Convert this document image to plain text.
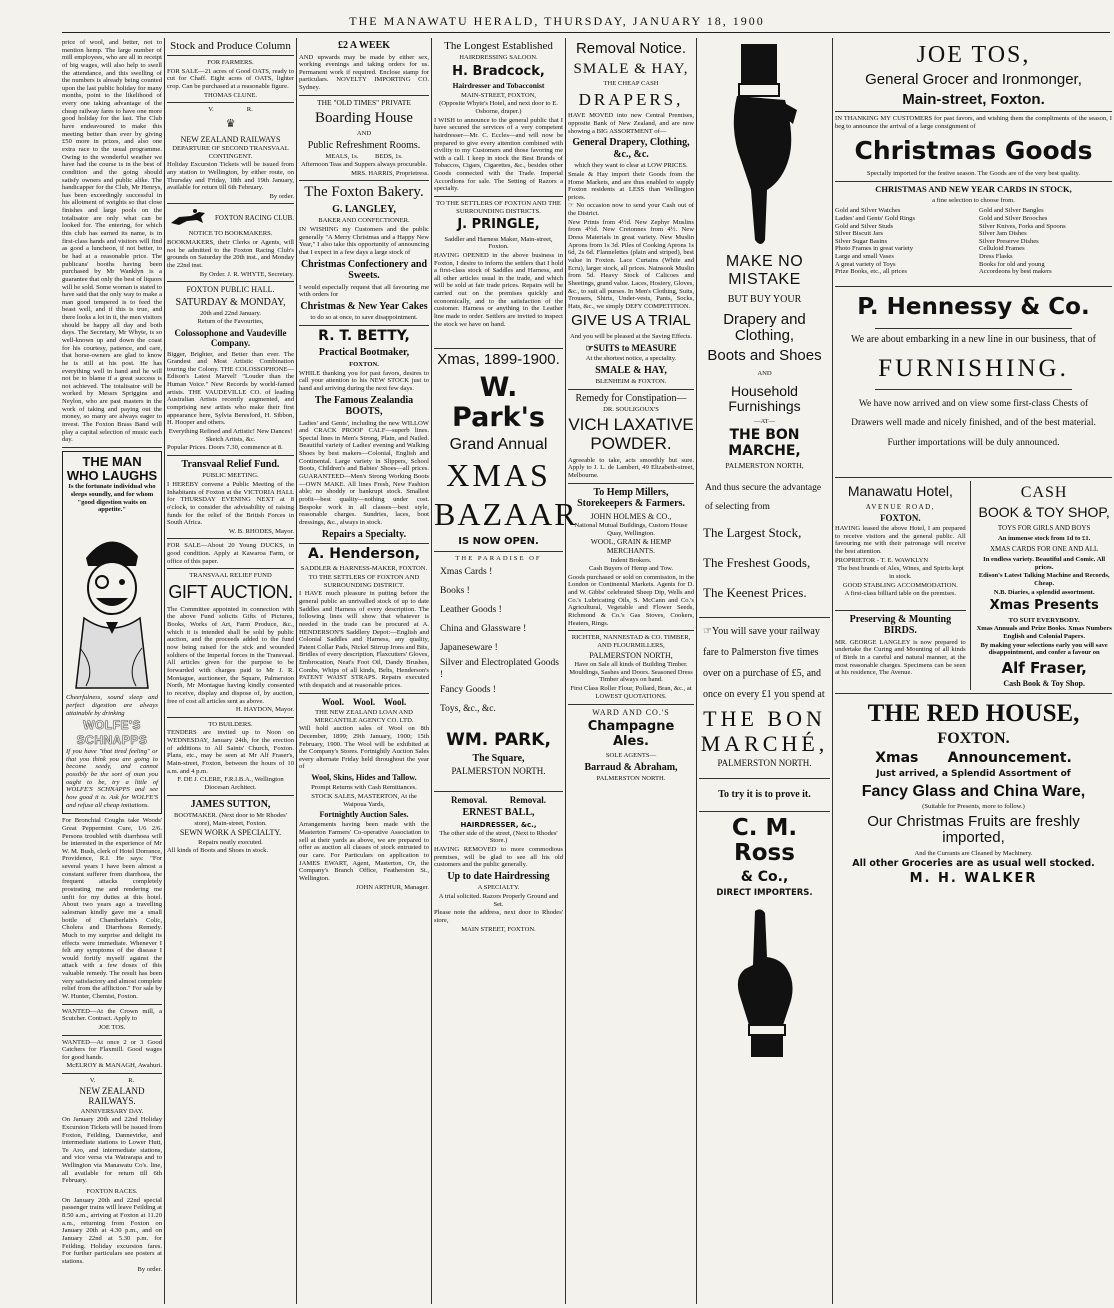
THE MANAWATU HERALD, THURSDAY, JANUARY 18, 1900

price of wool, and better, not to mention hemp. The large number of mill employees, who are all in receipt of big wages, will also help to swell the attendance, and this swelling of the numbers is already being counted upon the last public holiday for many months, point to the likelihood of every one taking advantage of the cheap railway fares to have one more good holiday for the last. The Club have endeavoured to make this meeting better than ever by giving £50 more in prizes, and also one extra race to the usual programme. Owing to the wonderful weather we have had the course is in the best of condition and the going should satisfy owners and public alike. The handicapper for the Club, Mr Henrys, has been exceedingly successful in his allotment of weights so that close finishes and large pools on the totalisator are only what can be looked for. The entering, for which this club has earned its name, is in first-class hands and visitors will find as good a luncheon, if not better, to be had at a reasonable price. The publicans' booths having been purchased by Mr Wanklyn is a guarantee that only the best of liquors will be sold. Some woman is stated to have said that the only way to make a man good tempered is to feed the beast well, and if this is true, and there looks a lot in it, the men visitors should be happy all day and both days. The Secretary, Mr Whyte, is so well-known up and down the coast for his courtesy, patience, and care, that horse-owners are glad to know he is still at his post. He has everything well in hand and he will not be to blame if a great success is not achieved. The totalisator will be worked by Messrs Spriggins and Neylon, who are past masters in the work of taking and paying out the money, so many are always eager to invest. The Foxton Brass Band will play a capital selection of music each day.

THE MAN WHO LAUGHS

Is the fortunate individual who sleeps soundly, and for whom "good digestion waits on appetite."

Cheerfulness, sound sleep and perfect digestion are always attainable by drinking

WOLFE'S SCHNAPPS

If you have "that tired feeling" or that you think you are going to become seedy, and cannot possibly be the sort of man you ought to be, try a little of WOLFE'S SCHNAPPS and see how good it is. Ask for WOLFE'S and refuse all cheap imitations.

For Bronchial Coughs take Woods' Great Peppermint Cure, 1/6 2/6. Persons troubled with diarrhoea will be interested in the experience of Mr W. M. Bush, clerk of Hotel Dorrance, Providence, R.I. He says: "For several years I have been almost a constant sufferer from diarrhoea, the frequent attacks completely prostrating me and rendering me unfit for my duties at this hotel. About two years ago a travelling salesman kindly gave me a small bottle of Chamberlain's Colic, Cholera and Diarrhoea Remedy. Much to my surprise and delight its effects were immediate. Whenever I felt any symptoms of the disease I would fortify myself against the attack with a few doses of this valuable remedy. The result has been very satisfactory and almost complete relief from the affliction." For sale by W. Hunter, Chemist, Foxton.

WANTED—At the Crown mill, a Scutcher. Contract. Apply to

JOE TOS.

WANTED—At once 2 or 3 Good Catchers for Flaxmill. Good wages for good hands.

McELROY & MANAGH, Awahuri.

V.                    R.

NEW ZEALAND RAILWAYS.

ANNIVERSARY DAY.

On January 20th and 22nd Holiday Excursion Tickets will be issued from Foxton, Feilding, Dannevirke, and intermediate stations to Lower Hutt, Te Aro, and intermediate stations, and vice versa via Wairarapa and to Wellington via Manawatu Co's. line, all available for return till 6th February.

FOXTON RACES.

On January 20th and 22nd special passenger trains will leave Feilding at 8.50 a.m., arriving at Foxton at 11.20 a.m., returning from Foxton on January 20th at 4.30 p.m., and on January 22nd at 5.30 p.m. for Feilding. Holiday excursion fares. For further particulars see posters at stations.

By order.

Stock and Produce Column

FOR FARMERS.

FOR SALE—21 acres of Good OATS, ready to cut for Chaff. Eight acres of OATS, lighter crop. Can be purchased at a reasonable figure.

THOMAS CLUNE.

V.                    R.

♛

NEW ZEALAND RAILWAYS

DEPARTURE OF SECOND TRANSVAAL CONTINGENT.

Holiday Excursion Tickets will be issued from any station to Wellington, by either route, on Thursday and Friday, 18th and 19th January, available for return till 6th February.

By order.

FOXTON RACING CLUB.

NOTICE TO BOOKMAKERS.

BOOKMAKERS, their Clerks or Agents, will not be admitted to the Foxton Racing Club's grounds on Saturday the 20th inst., and Monday the 22nd inst.

By Order. J. R. WHYTE, Secretary.

FOXTON PUBLIC HALL.

SATURDAY & MONDAY,

20th and 22nd January.

Return of the Favourites,

Colossophone and Vaudeville Company.

Bigger, Brighter, and Better than ever. The Grandest and Most Artistic Combination touring the Colony. THE COLOSSOPHONE—Edison's Latest Marvel! "Louder than the Human Voice." New Records by world-famed artists. THE VAUDEVILLE CO. of leading Australian Artists recently augmented, and comprising new artists who make their first appearance here, Sylvia Beresford, H. Sibbon, H. Hooper and others.

Everything Refined and Artistic! New Dances! Sketch Artists, &c.

Popular Prices. Doors 7.30, commence at 8.

Transvaal Relief Fund.

PUBLIC MEETING.

I HEREBY convene a Public Meeting of the Inhabitants of Foxton at the VICTORIA HALL for THURSDAY EVENING NEXT at 8 o'clock, to consider the advisability of raising funds for the relief of the British Forces in South Africa.

W. B. RHODES, Mayor.

FOR SALE—About 20 Young DUCKS, in good condition. Apply at Kawaroa Farm, or office of this paper.

TRANSVAAL RELIEF FUND

GIFT AUCTION.

The Committee appointed in connection with the above Fund solicits Gifts of Pictures, Books, Works of Art, Farm Produce, &c., which it is intended shall be sold by public auction, and the proceeds added to the fund now being raised for the sick and wounded soldiers of the Imperial forces in the Transvaal. All articles given for the purpose to be forwarded with charges paid to Mr J. R. Montague, auctioneer, the Square, Palmerston North, Mr Montague having kindly consented to receive, display and dispose of, by auction, free of cost all articles sent as above.

H. HAYDON, Mayor.

TO BUILDERS.

TENDERS are invited up to Noon on WEDNESDAY, January 24th, for the erection of additions to All Saints' Church, Foxton. Plans, etc., may be seen at Mr Alf Fraser's, Main-street, Foxton, between the hours of 10 a.m. and 4 p.m.

F. DE J. CLERE, F.R.I.B.A., Wellington Diocesan Architect.

JAMES SUTTON,

BOOTMAKER. (Next door to Mr Rhodes' store), Main-street, Foxton.

SEWN WORK A SPECIALTY.

Repairs neatly executed.

All kinds of Boots and Shoes in stock.

£2 A WEEK

AND upwards may be made by either sex, working evenings and taking orders for us. Permanent work if required. Enclose stamp for particulars. NOVELTY IMPORTING CO. Sydney.

THE "OLD TIMES" PRIVATE

Boarding House

AND

Public Refreshment Rooms.

MEALS, 1s.          BEDS, 1s.

Afternoon Teas and Suppers always procurable.

MRS. HARRIS, Proprietress.

The Foxton Bakery.
G. LANGLEY,

BAKER AND CONFECTIONER.

IN WISHING my Customers and the public generally "A Merry Christmas and a Happy New Year," I also take this opportunity of announcing that I expect in a few days a large stock of

Christmas Confectionery and Sweets.

I would especially request that all favouring me with orders for

Christmas & New Year Cakes

to do so at once, to save disappointment.

R. T. BETTY,
Practical Bootmaker,

FOXTON.

WHILE thanking you for past favors, desires to call your attention to his NEW STOCK just to hand and arriving during the next few days.

The Famous Zealandia BOOTS,

Ladies' and Gents', including the new WILLOW and CRACK PROOF CALF—superb lines. Special lines in Men's Strong, Plain, and Nailed. Beautiful variety of Ladies' evening and Walking Shoes by best makers—Colonial, English and Continental. Large variety in Slippers, School Boots, Children's and Babies' Shoes—all prices. GUARANTEED—Men's Strong Working Boots—OWN MAKE. All lines Fresh, New Fashion able; no shoddy or bankrupt stock. Smallest profit—best quality—nothing under cost. Bespoke work in all classes—best style, reasonable charges. Sundries, laces, boot dressings, &c., always in stock.

Repairs a Specialty.
A. Henderson,

SADDLER & HARNESS-MAKER, FOXTON.

TO THE SETTLERS OF FOXTON AND SURROUNDING DISTRICT.

I HAVE much pleasure in putting before the general public an unrivalled stock of up to date Saddles and Harness of every description. The following lines will show that whatever is needed in the trade can be procured at A. HENDERSON'S Saddlery Depot:—English and Colonial Saddles and Harness, any quality, Patent Collar Pads, Nickel Stirrup Irons and Bits, Bridles of every description, Flaxcutters' Gloves, Embrocation, Neat's Foot Oil, Dandy Brushes, Combs, Whips of all kinds, Belts, Henderson's PATENT WAIST STRAPS. Repairs executed with despatch and at reasonable prices.

Wool.    Wool.    Wool.

THE NEW ZEALAND LOAN AND MERCANTILE AGENCY CO. LTD.

Will hold auction sales of Wool on 8th December, 1899; 29th January, 1900; 15th February, 1900. The Wool will be exhibited at the Company's Stores. Fortnightly Auction Sales every alternate Friday held throughout the year of

Wool, Skins, Hides and Tallow.

Prompt Returns with Cash Remittances.

STOCK SALES, MASTERTON, At the Waipoua Yards,

Fortnightly Auction Sales.

Arrangements having been made with the Masterton Farmers' Co-operative Association to sell at their yards as above, we are prepared to offer as auction all classes of stock entrusted to our care. For Particulars on application to JAMES EWART, Agent, Masterton, Or, the Company's Branch Office, Featherston St., Wellington.

JOHN ARTHUR, Manager.

The Longest Established

HAIRDRESSING SALOON.

H. Bradcock,

Hairdresser and Tobacconist

MAIN-STREET, FOXTON,

(Opposite Whyte's Hotel, and next door to E. Osborne, draper.)

I WISH to announce to the general public that I have secured the services of a very competent hairdresser—Mr. C. Eccles—and will now be prepared to give every attention combined with civility to my Customers and those favoring me with a call. I keep in stock the Best Brands of Tobaccos, Cigars, Cigarettes, &c., besides other Goods connected with the Trade. Imperial Accordions for sale. The Setting of Razors a specialty.

TO THE SETTLERS OF FOXTON AND THE SURROUNDING DISTRICTS.

J. PRINGLE,

Saddler and Harness Maker, Main-street, Foxton.

HAVING OPENED in the above business in Foxton, I desire to inform the settlers that I hold a first-class stock of Saddles and Harness, and all other articles usual in the trade, and which will be sold at fair trade prices. Repairs will be carried out on the premises quickly and economically, and to the satisfaction of the customer. Harness or anything in the Leather line made to order. Settlers are invited to inspect the stock we have on hand.

Xmas, 1899-1900.
W. Park's
Grand Annual
XMAS
BAZAAR
IS NOW OPEN.

THE PARADISE OF

Xmas Cards !
Books !
Leather Goods !
China and Glassware !
Japaneseware !
Silver and Electroplated Goods !
Fancy Goods !
Toys, &c., &c.
WM. PARK,
The Square,

PALMERSTON NORTH.

Removal.          Removal.
ERNEST BALL,

HAIRDRESSER, &c.,

The other side of the street, (Next to Rhodes' Store.)

HAVING REMOVED to more commodious premises, will be glad to see all his old customers and the public generally.

Up to date Hairdressing

A SPECIALTY.

A trial solicited. Razors Properly Ground and Set.

Please note the address, next door to Rhodes' store,

MAIN STREET, FOXTON.

Removal Notice.
SMALE & HAY,

THE CHEAP CASH

DRAPERS,

HAVE MOVED into new Central Premises, opposite Bank of New Zealand, and are now showing a BIG ASSORTMENT of—

General Drapery, Clothing, &c., &c.

which they want to clear at LOW PRICES.

Smale & Hay import their Goods from the Home Markets, and are thus enabled to supply Foxton residents at LESS than Wellington prices.

☞ No occasion now to send your Cash out of the District.

New Prints from 4½d. New Zephyr Muslins from 4½d. New Cretonnes from 4½. New Dress Materials in great variety. New Muslin Aprons from 1s 3d. Piles of Cooking Aprons 1s 6d, 2s 6d. Flannelettes (plain and striped), best value in Foxton. Lace Curtains (White and Ecru), larger stock, all prices. Nainsook Muslin from 5d. Heavy Stock of Calicoes and Sheetings, grand value. Laces, Hosiery, Gloves, &c., to suit all purses. In Men's Clothing, Suits, Trousers, Shirts, Under-vests, Pants, Socks, Hats, &c., we simply DEFY COMPETITION.

GIVE US A TRIAL

And you will be pleased at the Saving Effects.

☞SUITS to MEASURE

At the shortest notice, a speciality.

SMALE & HAY,

BLENHEIM & FOXTON.

Remedy for Constipation—

DR. SOULIGOUX'S

VICH LAXATIVE POWDER.

Agreeable to take, acts smoothly but sure. Apply to J. L. de Lambert, 49 Elizabeth-street, Melbourne.

To Hemp Millers, Storekeepers & Farmers.

JOHN HOLMES & CO.,

National Mutual Buildings, Custom House Quay, Wellington.

WOOL, GRAIN & HEMP MERCHANTS.

Indent Brokers.

Cash Buyers of Hemp and Tow.

Goods purchased or sold on commission, in the London or Continental Markets. Agents for D. and W. Gibbs' celebrated Sheep Dip, Wells and Co.'s Lubricating Oils, S. McCann and Co.'s Agricultural, Vegetable and Flower Seeds, Richmond & Co.'s Gas Stoves, Cookers, Heaters, Rings.

RICHTER, NANNESTAD & CO. TIMBER, AND FLOURMILLERS,

PALMERSTON NORTH,

Have on Sale all kinds of Building Timber. Mouldings, Sashes and Doors. Seasoned Dress Timber always on hand.

First Class Roller Flour, Pollard, Bran, &c., at

LOWEST QUOTATIONS.

WARD AND CO.'S

Champagne Ales.

SOLE AGENTS—

Barraud & Abraham,

PALMERSTON NORTH.

MAKE NO MISTAKE

BUT BUY YOUR

Drapery and Clothing,
Boots and Shoes

AND

Household Furnishings

—AT—

THE BON MARCHE,

PALMERSTON NORTH,

And thus secure the advantage of selecting from

The Largest Stock,
The Freshest Goods,
The Keenest Prices.

☞You will save your railway fare to Palmerston five times over on a purchase of £5, and once on every £1 you spend at

THE BON MARCHÉ,

PALMERSTON NORTH.

To try it is to prove it.
C. M. Ross
& Co.,
DIRECT IMPORTERS.
JOE TOS,
General Grocer and Ironmonger,
Main-street, Foxton.

IN THANKING MY CUSTOMERS for past favors, and wishing them the compliments of the season, I beg to announce the arrival of a large consignment of

Christmas Goods

Specially imported for the festive season. The Goods are of the very best quality.

CHRISTMAS AND NEW YEAR CARDS IN STOCK,

a fine selection to choose from.

Gold and Silver Watches
Ladies' and Gents' Gold Rings
Gold and Silver Studs
Silver Biscuit Jars
Silver Sugar Basins
Photo Frames in great variety
Large and small Vases
A great variety of Toys
Prize Books, etc., all prices
Gold and Silver Bangles
Gold and Silver Brooches
Silver Knives, Forks and Spoons
Silver Jam Dishes
Silver Preserve Dishes
Celluloid Frames
Dress Flasks
Books for old and young
Accordeons by best makers
P. Hennessy & Co.

We are about embarking in a new line in our business, that of

FURNISHING.

We have now arrived and on view some first-class Chests of Drawers well made and nicely finished, and of the best material. Further importations will be duly announced.

Manawatu Hotel,

AVENUE ROAD,

FOXTON.

HAVING leased the above Hotel, I am prepared to receive visitors and the general public. All favouring me with their patronage will receive the best attention.

PROPRIETOR - T. E. WAWKLYN

The best brands of Ales, Wines, and Spirits kept in stock.

GOOD STABLING ACCOMMODATION.

A first-class billiard table on the premises.

Preserving & Mounting BIRDS.

MR. GEORGE LANGLEY is now prepared to undertake the Curing and Mounting of all kinds of Birds in a careful and natural manner, at the most reasonable charges. Specimens can be seen at his residence, The Avenue.

CASH
BOOK & TOY SHOP,

TOYS FOR GIRLS AND BOYS

An immense stock from 1d to £1.

XMAS CARDS FOR ONE AND ALL

In endless variety. Beautiful and Comic. All prices.

Edison's Latest Talking Machine and Records, Cheap.

N.B. Diaries, a splendid assortment.

Xmas Presents

TO SUIT EVERYBODY.

Xmas Annuals and Prize Books. Xmas Numbers English and Colonial Papers.

By making your selections early you will save disappointment, and confer a favour on

Alf Fraser,

Cash Book & Toy Shop.

THE RED HOUSE,
FOXTON.
Xmas      Announcement.

Just arrived, a Splendid Assortment of

Fancy Glass and China Ware,

(Suitable for Presents, more to follow.)

Our Christmas Fruits are freshly imported,

And the Currants are Cleaned by Machinery.

All other Groceries are as usual well stocked.

M. H. WALKER
